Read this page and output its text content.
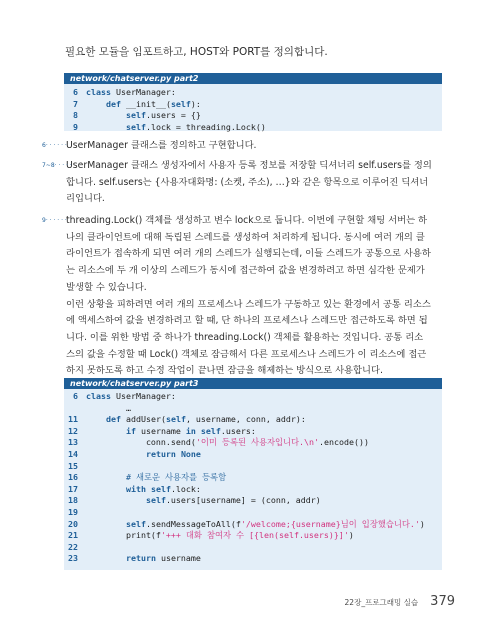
필요한 모듈을 임포트하고, HOST와 PORT를 정의합니다.
network/chatserver.py part2
6 class UserManager:
7	def __init__(self):
8	self.users = {}
9	self.lock = threading.Lock()
6· · · · · · UserManager 클래스를 정의하고 구현합니다.
7~8· · · · ·
UserManager 클래스 생성자에서 사용자 등록 정보를 저장할 딕셔너리 self.users를 정의합니다. self.users는 {사용자대화명: (소켓, 주소), …}와 같은 항목으로 이루어진 딕셔너리입니다.
9· · · · · · threading.Lock() 객체를 생성하고 변수 lock으로 둡니다. 이번에 구현할 채팅 서버는 하나의 클라이언트에 대해 독립된 스레드를 생성하여 처리하게 됩니다. 동시에 여러 개의 클라이언트가 접속하게 되면 여러 개의 스레드가 실행되는데, 이들 스레드가 공통으로 사용하는 리소스에 두 개 이상의 스레드가 동시에 접근하여 값을 변경하려고 하면 심각한 문제가 발생할 수 있습니다.
이런 상황을 피하려면 여러 개의 프로세스나 스레드가 구동하고 있는 환경에서 공통 리소스에 액세스하여 값을 변경하려고 할 때, 단 하나의 프로세스나 스레드만 접근하도록 하면 됩니다. 이를 위한 방법 중 하나가 threading.Lock() 객체를 활용하는 것입니다. 공통 리소스의 값을 수정할 때 Lock() 객체로 잠금해서 다른 프로세스나 스레드가 이 리소스에 접근하지 못하도록 하고 수정 작업이 끝나면 잠금을 해제하는 방식으로 사용합니다.
network/chatserver.py part3
6 class UserManager:
…
11	def addUser(self, username, conn, addr):
12	if username in self.users:
13 conn.send('이미 등록된 사용자입니다.\n'.encode())
14	return None
15
16 # 새로운 사용자를 등록함
17	with self.lock:
18	self.users[username] = (conn, addr)
19
20	self.sendMessageToAll(f'/welcome;{username}님이 입장했습니다.')
21 print(f'+++ 대화 참여자 수 [{len(self.users)}]')
22
23	return username
22장_프로그래밍 실습 379
